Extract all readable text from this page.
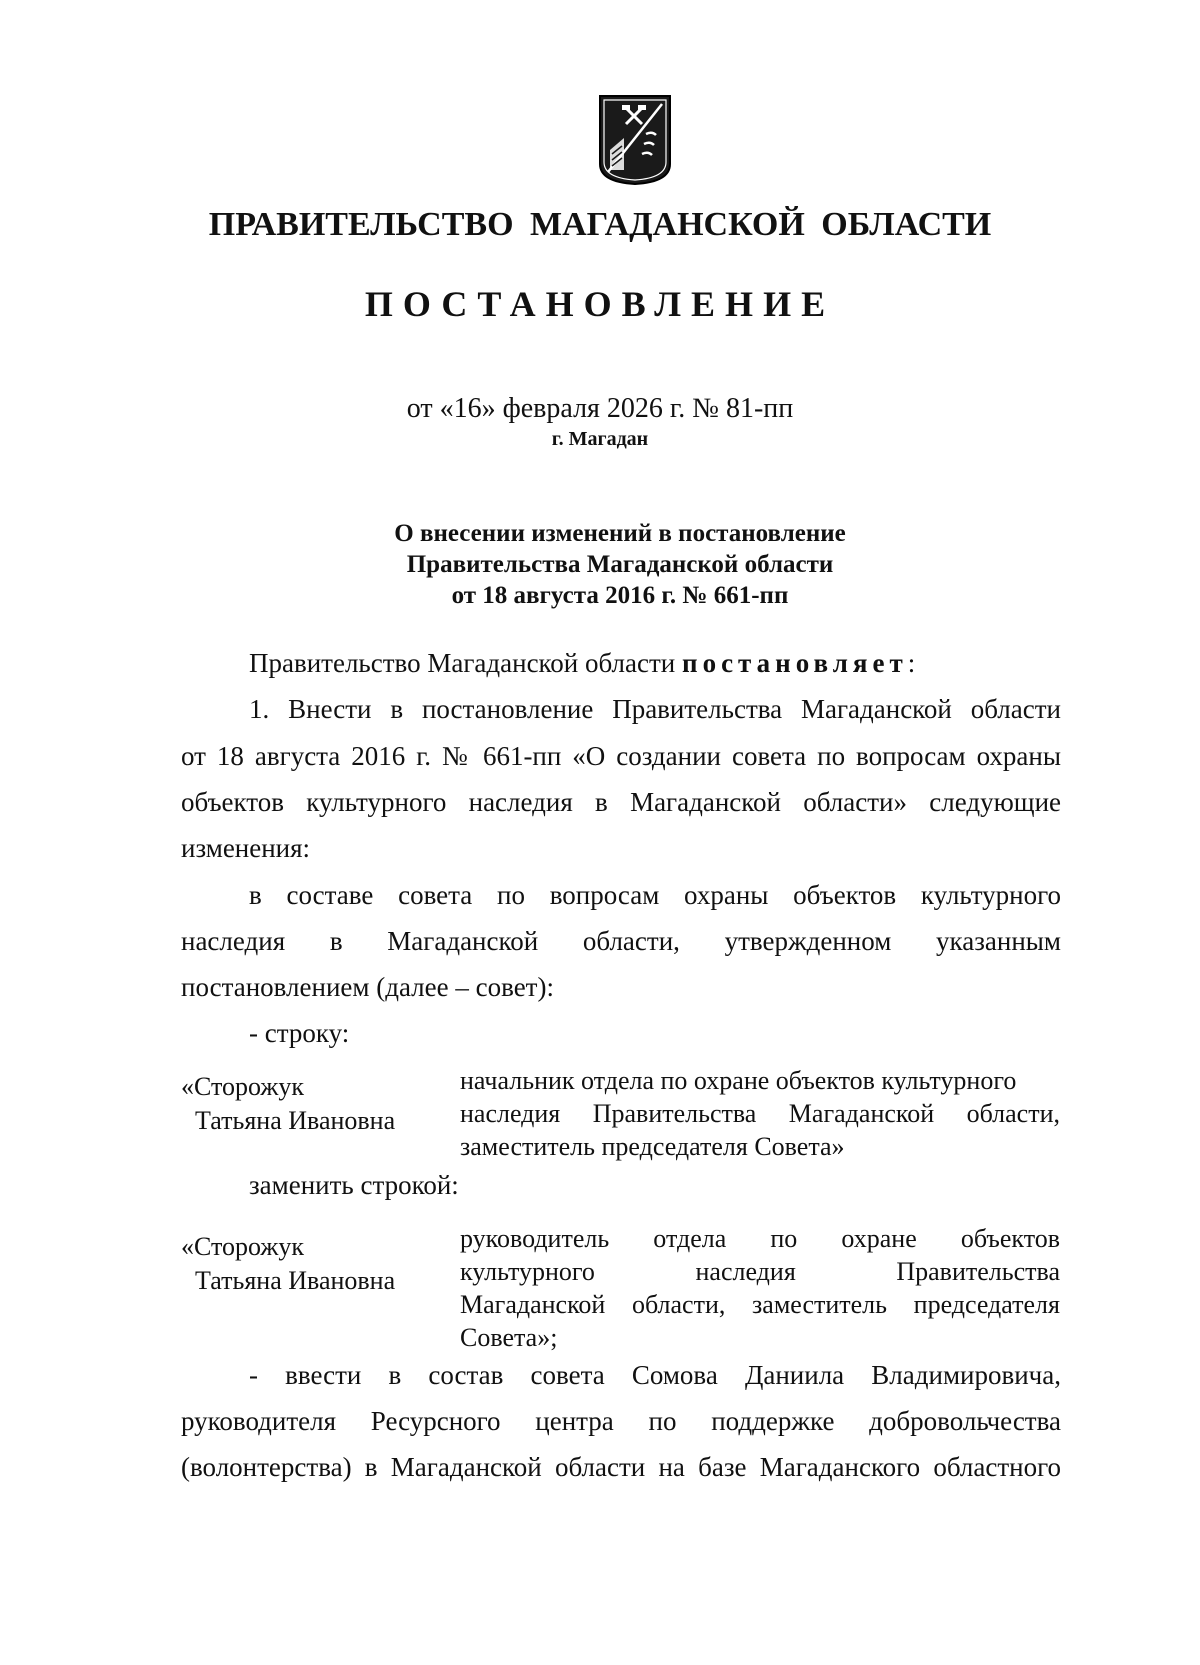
ПРАВИТЕЛЬСТВО МАГАДАНСКОЙ ОБЛАСТИ
ПОСТАНОВЛЕНИЕ
от «16» февраля 2026 г. № 81-пп
г. Магадан
О внесении изменений в постановление
Правительства Магаданской области
от 18 августа 2016 г. № 661-пп
Правительство Магаданской области постановляет:
1. Внести в постановление Правительства Магаданской области
от 18 августа 2016 г. № 661-пп «О создании совета по вопросам охраны
объектов культурного наследия в Магаданской области» следующие
изменения:
в составе совета по вопросам охраны объектов культурного
наследия в Магаданской области, утвержденном указанным
постановлением (далее – совет):
- строку:
«Сторожук
Татьяна Ивановна
начальник отдела по охране объектов культурного
наследия Правительства Магаданской области,
заместитель председателя Совета»
заменить строкой:
«Сторожук
Татьяна Ивановна
руководитель отдела по охране объектов
культурного наследия Правительства
Магаданской области, заместитель председателя
Совета»;
- ввести в состав совета Сомова Даниила Владимировича,
руководителя Ресурсного центра по поддержке добровольчества
(волонтерства) в Магаданской области на базе Магаданского областного
